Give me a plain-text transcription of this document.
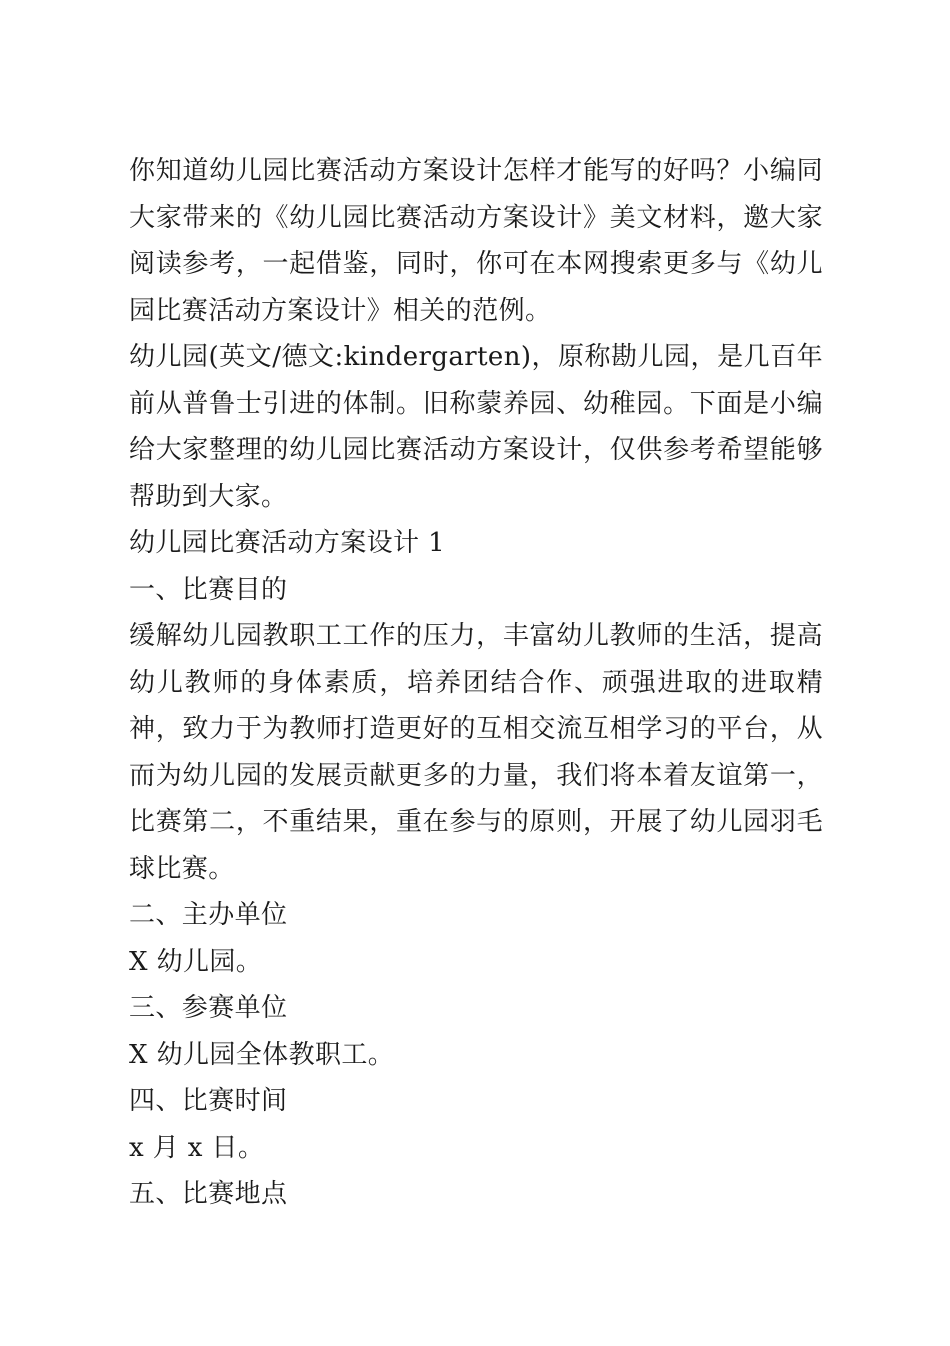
你知道幼儿园比赛活动方案设计怎样才能写的好吗？小编同大家带来的《幼儿园比赛活动方案设计》美文材料，邀大家阅读参考，一起借鉴，同时，你可在本网搜索更多与《幼儿园比赛活动方案设计》相关的范例。

幼儿园(英文/德文:kindergarten)，原称勘儿园，是几百年前从普鲁士引进的体制。旧称蒙养园、幼稚园。下面是小编给大家整理的幼儿园比赛活动方案设计，仅供参考希望能够帮助到大家。

幼儿园比赛活动方案设计 1

一、比赛目的

缓解幼儿园教职工工作的压力，丰富幼儿教师的生活，提高幼儿教师的身体素质，培养团结合作、顽强进取的进取精神，致力于为教师打造更好的互相交流互相学习的平台，从而为幼儿园的发展贡献更多的力量，我们将本着友谊第一，比赛第二，不重结果，重在参与的原则，开展了幼儿园羽毛球比赛。

二、主办单位

X 幼儿园。

三、参赛单位

X 幼儿园全体教职工。

四、比赛时间

x 月 x 日。

五、比赛地点
